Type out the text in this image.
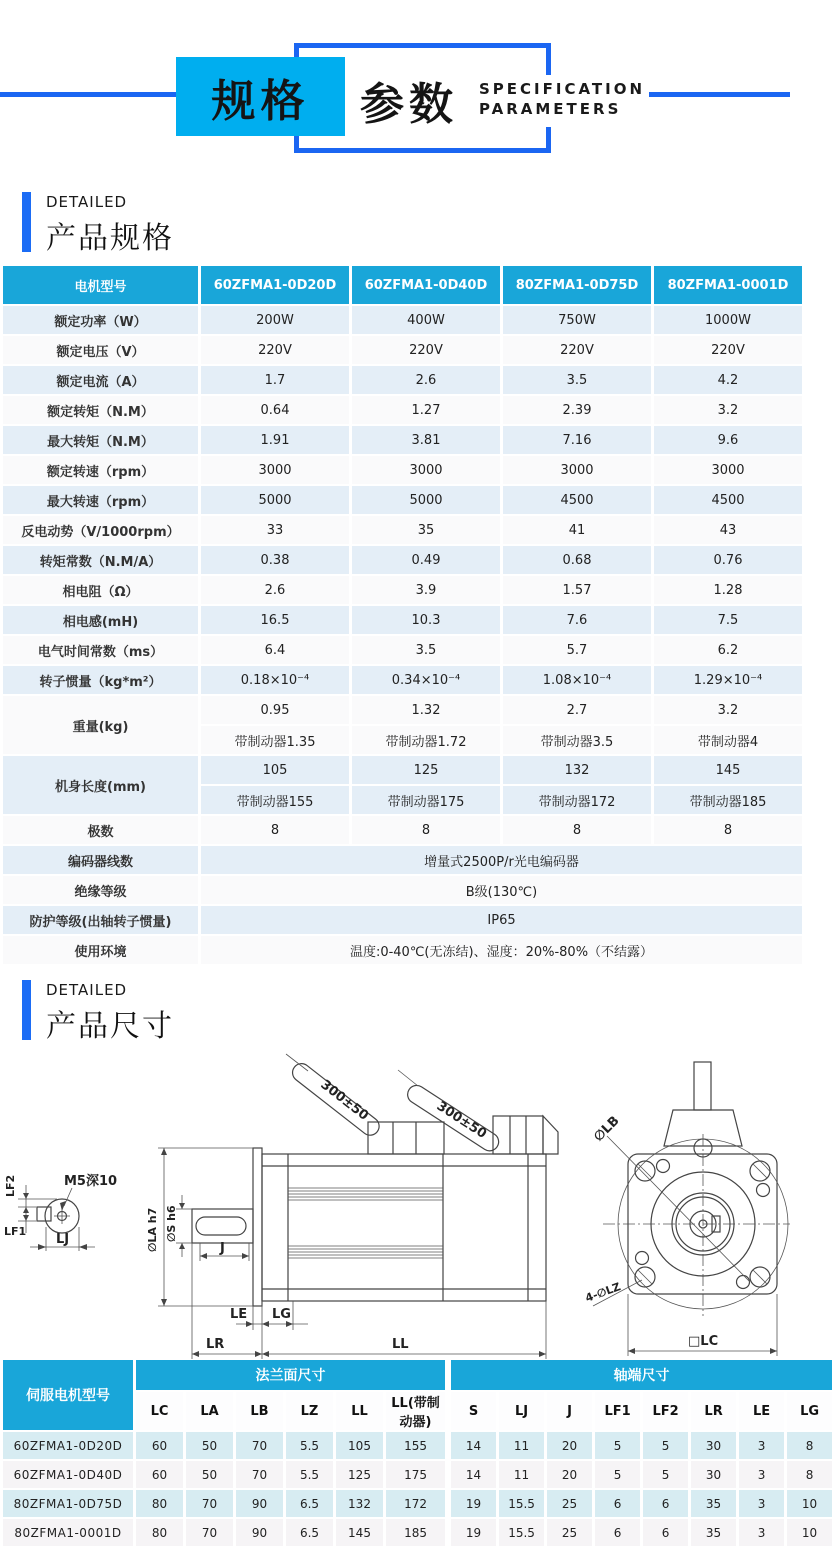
规格 参数 SPECIFICATION
PARAMETERS
DETAILED
产品规格
电机型号	60ZFMA1-0D20D	60ZFMA1-0D40D	80ZFMA1-0D75D	80ZFMA1-0001D
额定功率（W）	200W	400W	750W	1000W
额定电压（V）	220V	220V	220V	220V
额定电流（A）	1.7	2.6	3.5	4.2
额定转矩（N.M）	0.64	1.27	2.39	3.2
最大转矩（N.M）	1.91	3.81	7.16	9.6
额定转速（rpm）	3000	3000	3000	3000
最大转速（rpm）	5000	5000	4500	4500
反电动势（V/1000rpm）	33	35	41	43
转矩常数（N.M/A）	0.38	0.49	0.68	0.76
相电阻（Ω）	2.6	3.9	1.57	1.28
相电感(mH)	16.5	10.3	7.6	7.5
电气时间常数（ms）	6.4	3.5	5.7	6.2
转子惯量（kg*m²）	0.18×10⁻⁴	0.34×10⁻⁴	1.08×10⁻⁴	1.29×10⁻⁴
重量(kg)	0.95	1.32	2.7	3.2
	带制动器1.35	带制动器1.72	带制动器3.5	带制动器4
机身长度(mm)	105	125	132	145
	带制动器155	带制动器175	带制动器172	带制动器185
极数	8	8	8	8
编码器线数	增量式2500P/r光电编码器			
绝缘等级	B级(130℃)			
防护等级(出轴转子惯量)	IP65			
使用环境	温度:0-40℃(无冻结)、湿度：20%-80%（不结露）			
DETAILED
产品尺寸
M5深10
LF2
LF1
LJ
300±50	300±50
∅LA h7 ∅S h6
J
LE LG
LR	LL
∅LB
4-∅LZ
□LC
伺服电机型号	法兰面尺寸						轴端尺寸							
	LC	LA	LB	LZ	LL	LL(带制动器)	S	LJ	J	LF1	LF2	LR	LE	LG
60ZFMA1-0D20D	60	50	70	5.5	105	155	14	11	20	5	5	30	3	8
60ZFMA1-0D40D	60	50	70	5.5	125	175	14	11	20	5	5	30	3	8
80ZFMA1-0D75D	80	70	90	6.5	132	172	19	15.5	25	6	6	35	3	10
80ZFMA1-0001D	80	70	90	6.5	145	185	19	15.5	25	6	6	35	3	10
